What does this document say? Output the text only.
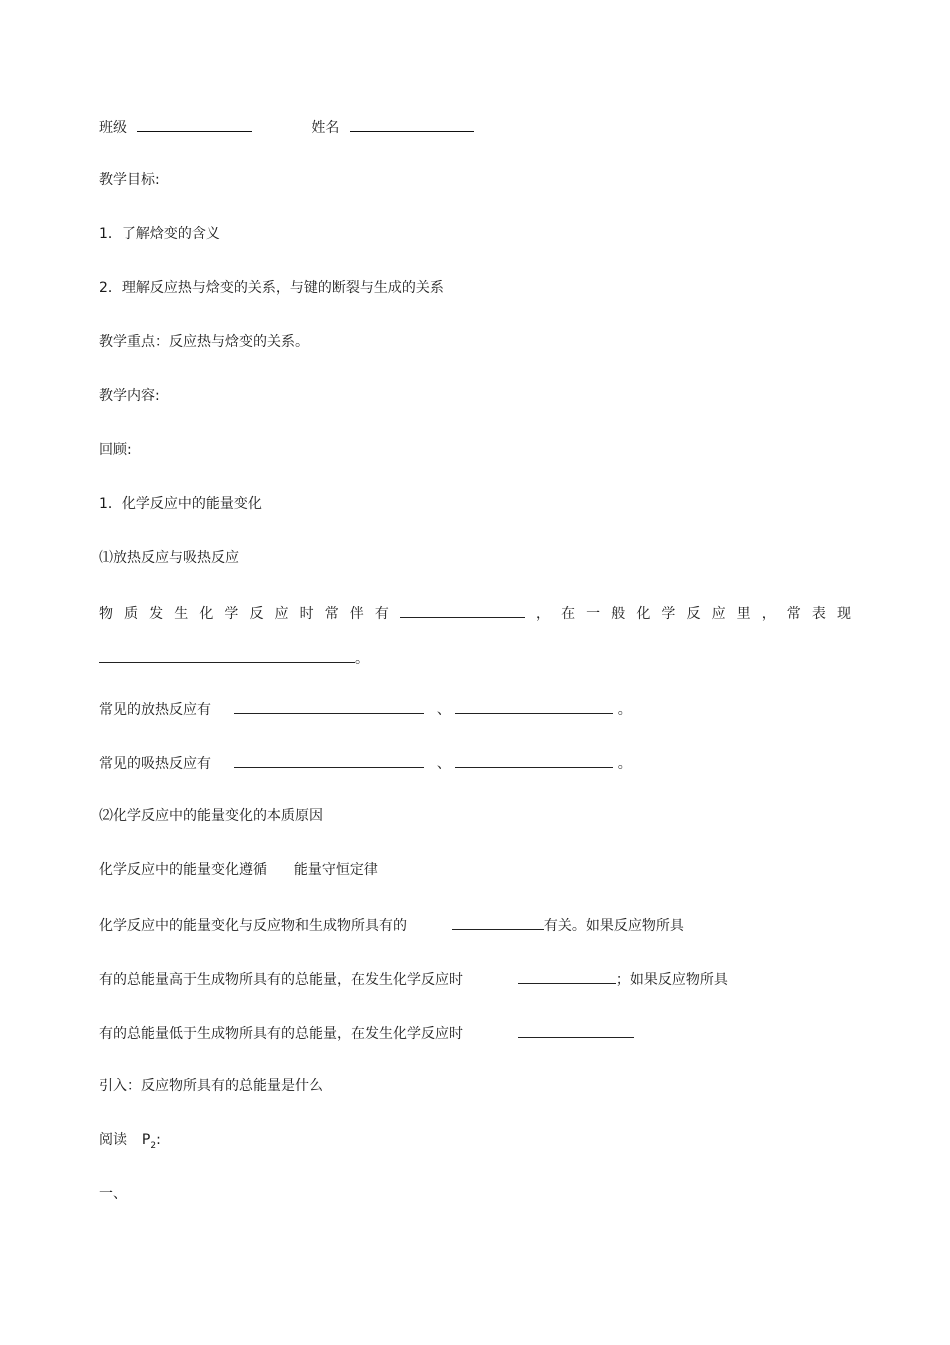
班级	姓名
教学目标:
1．了解焓变的含义
2．理解反应热与焓变的关系，与键的断裂与生成的关系
教学重点：反应热与焓变的关系。
教学内容:
回顾:
1．化学反应中的能量变化
⑴放热反应与吸热反应
物 质 发 生 化 学 反 应 时 常 伴 有	， 在 一 般 化 学 反 应 里 ， 常 表 现
。
常见的放热反应有	、	。
常见的吸热反应有	、	。
⑵化学反应中的能量变化的本质原因
化学反应中的能量变化遵循 能量守恒定律
化学反应中的能量变化与反应物和生成物所具有的	有关。如果反应物所具
有的总能量高于生成物所具有的总能量，在发生化学反应时	；如果反应物所具
有的总能量低于生成物所具有的总能量，在发生化学反应时
引入：反应物所具有的总能量是什么
阅读 $P_2$:
一、
